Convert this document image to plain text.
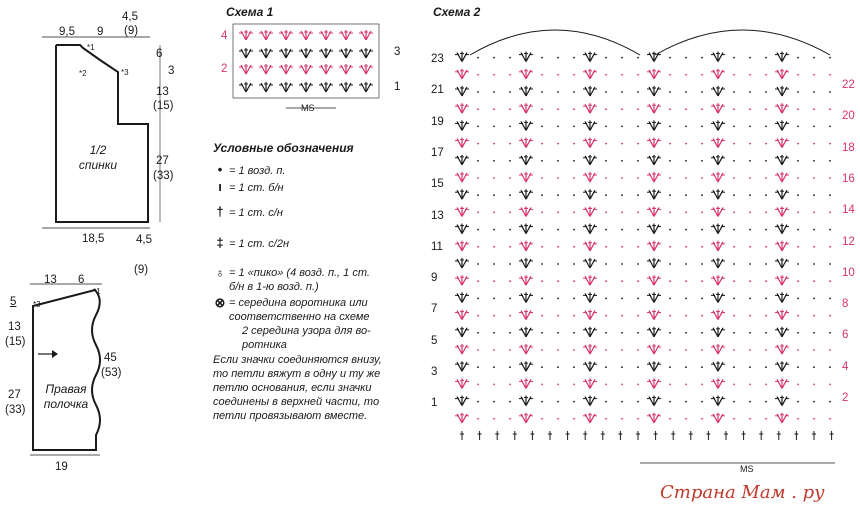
9,5 9
4,5
(9)
*1
*2	*3
6
3
13
(15)
27
(33)
1/2
спинки
18,5	4,5
(9)
13 6
*3
*1
5
13
(15)
27
(33)
45
(53)
Правая
полочка
19
Схема 1
4
2
3
1
MS
Условные обозначения
• = 1 возд. п.
ı = 1 ст. б/н
† = 1 ст. с/н
‡ = 1 ст. с/2н
♁ = 1 «пико» (4 возд. п., 1 ст.
б/н в 1-ю возд. п.)
⊗ = середина воротника или
соответственно на схеме
2 середина узора для во-
ротника
Если значки соединяются внизу,
то петли вяжут в одну и ту же
петлю основания, если значки
соединены в верхней части, то
петли провязывают вместе.
Схема 2
23
21
19
17
15
13
11
9
7
5
3
1
22
20
18
16
14
12
10
8
6
4
2
MS
Страна Мам . ру
